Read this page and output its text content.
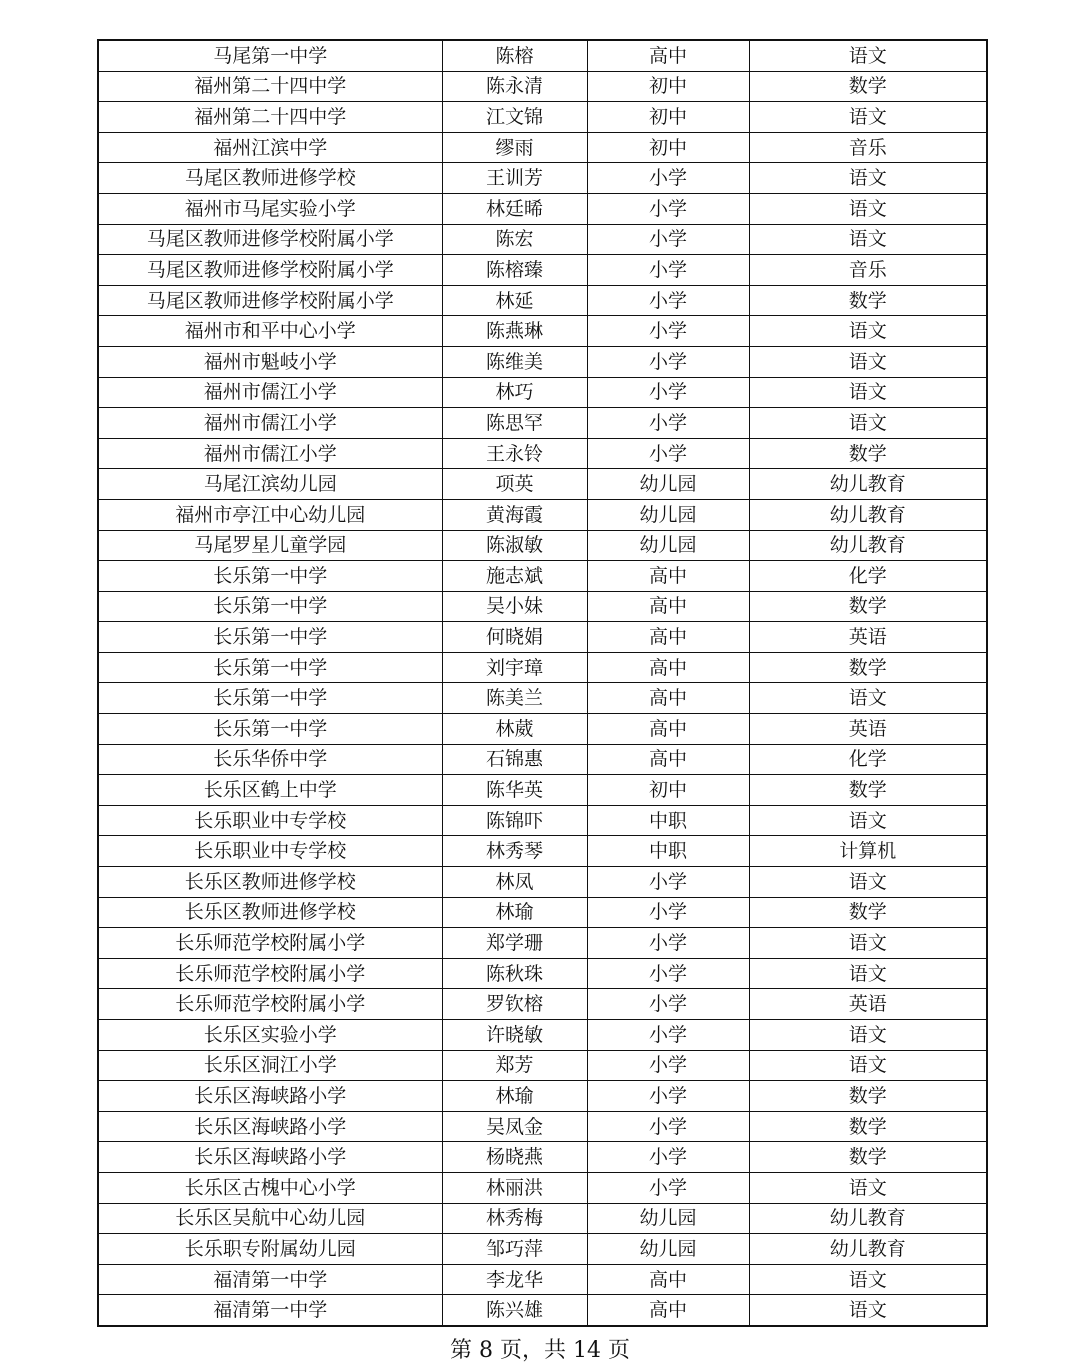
马尾第一中学	陈榕	高中	语文
福州第二十四中学	陈永清	初中	数学
福州第二十四中学	江文锦	初中	语文
福州江滨中学	缪雨	初中	音乐
马尾区教师进修学校	王训芳	小学	语文
福州市马尾实验小学	林廷晞	小学	语文
马尾区教师进修学校附属小学	陈宏	小学	语文
马尾区教师进修学校附属小学	陈榕臻	小学	音乐
马尾区教师进修学校附属小学	林延	小学	数学
福州市和平中心小学	陈燕琳	小学	语文
福州市魁岐小学	陈维美	小学	语文
福州市儒江小学	林巧	小学	语文
福州市儒江小学	陈思罕	小学	语文
福州市儒江小学	王永铃	小学	数学
马尾江滨幼儿园	项英	幼儿园	幼儿教育
福州市亭江中心幼儿园	黄海霞	幼儿园	幼儿教育
马尾罗星儿童学园	陈淑敏	幼儿园	幼儿教育
长乐第一中学	施志斌	高中	化学
长乐第一中学	吴小妹	高中	数学
长乐第一中学	何晓娟	高中	英语
长乐第一中学	刘宇璋	高中	数学
长乐第一中学	陈美兰	高中	语文
长乐第一中学	林葳	高中	英语
长乐华侨中学	石锦惠	高中	化学
长乐区鹤上中学	陈华英	初中	数学
长乐职业中专学校	陈锦吓	中职	语文
长乐职业中专学校	林秀琴	中职	计算机
长乐区教师进修学校	林凤	小学	语文
长乐区教师进修学校	林瑜	小学	数学
长乐师范学校附属小学	郑学珊	小学	语文
长乐师范学校附属小学	陈秋珠	小学	语文
长乐师范学校附属小学	罗钦榕	小学	英语
长乐区实验小学	许晓敏	小学	语文
长乐区洞江小学	郑芳	小学	语文
长乐区海峡路小学	林瑜	小学	数学
长乐区海峡路小学	吴凤金	小学	数学
长乐区海峡路小学	杨晓燕	小学	数学
长乐区古槐中心小学	林丽洪	小学	语文
长乐区吴航中心幼儿园	林秀梅	幼儿园	幼儿教育
长乐职专附属幼儿园	邹巧萍	幼儿园	幼儿教育
福清第一中学	李龙华	高中	语文
福清第一中学	陈兴雄	高中	语文
第 8 页，共 14 页
